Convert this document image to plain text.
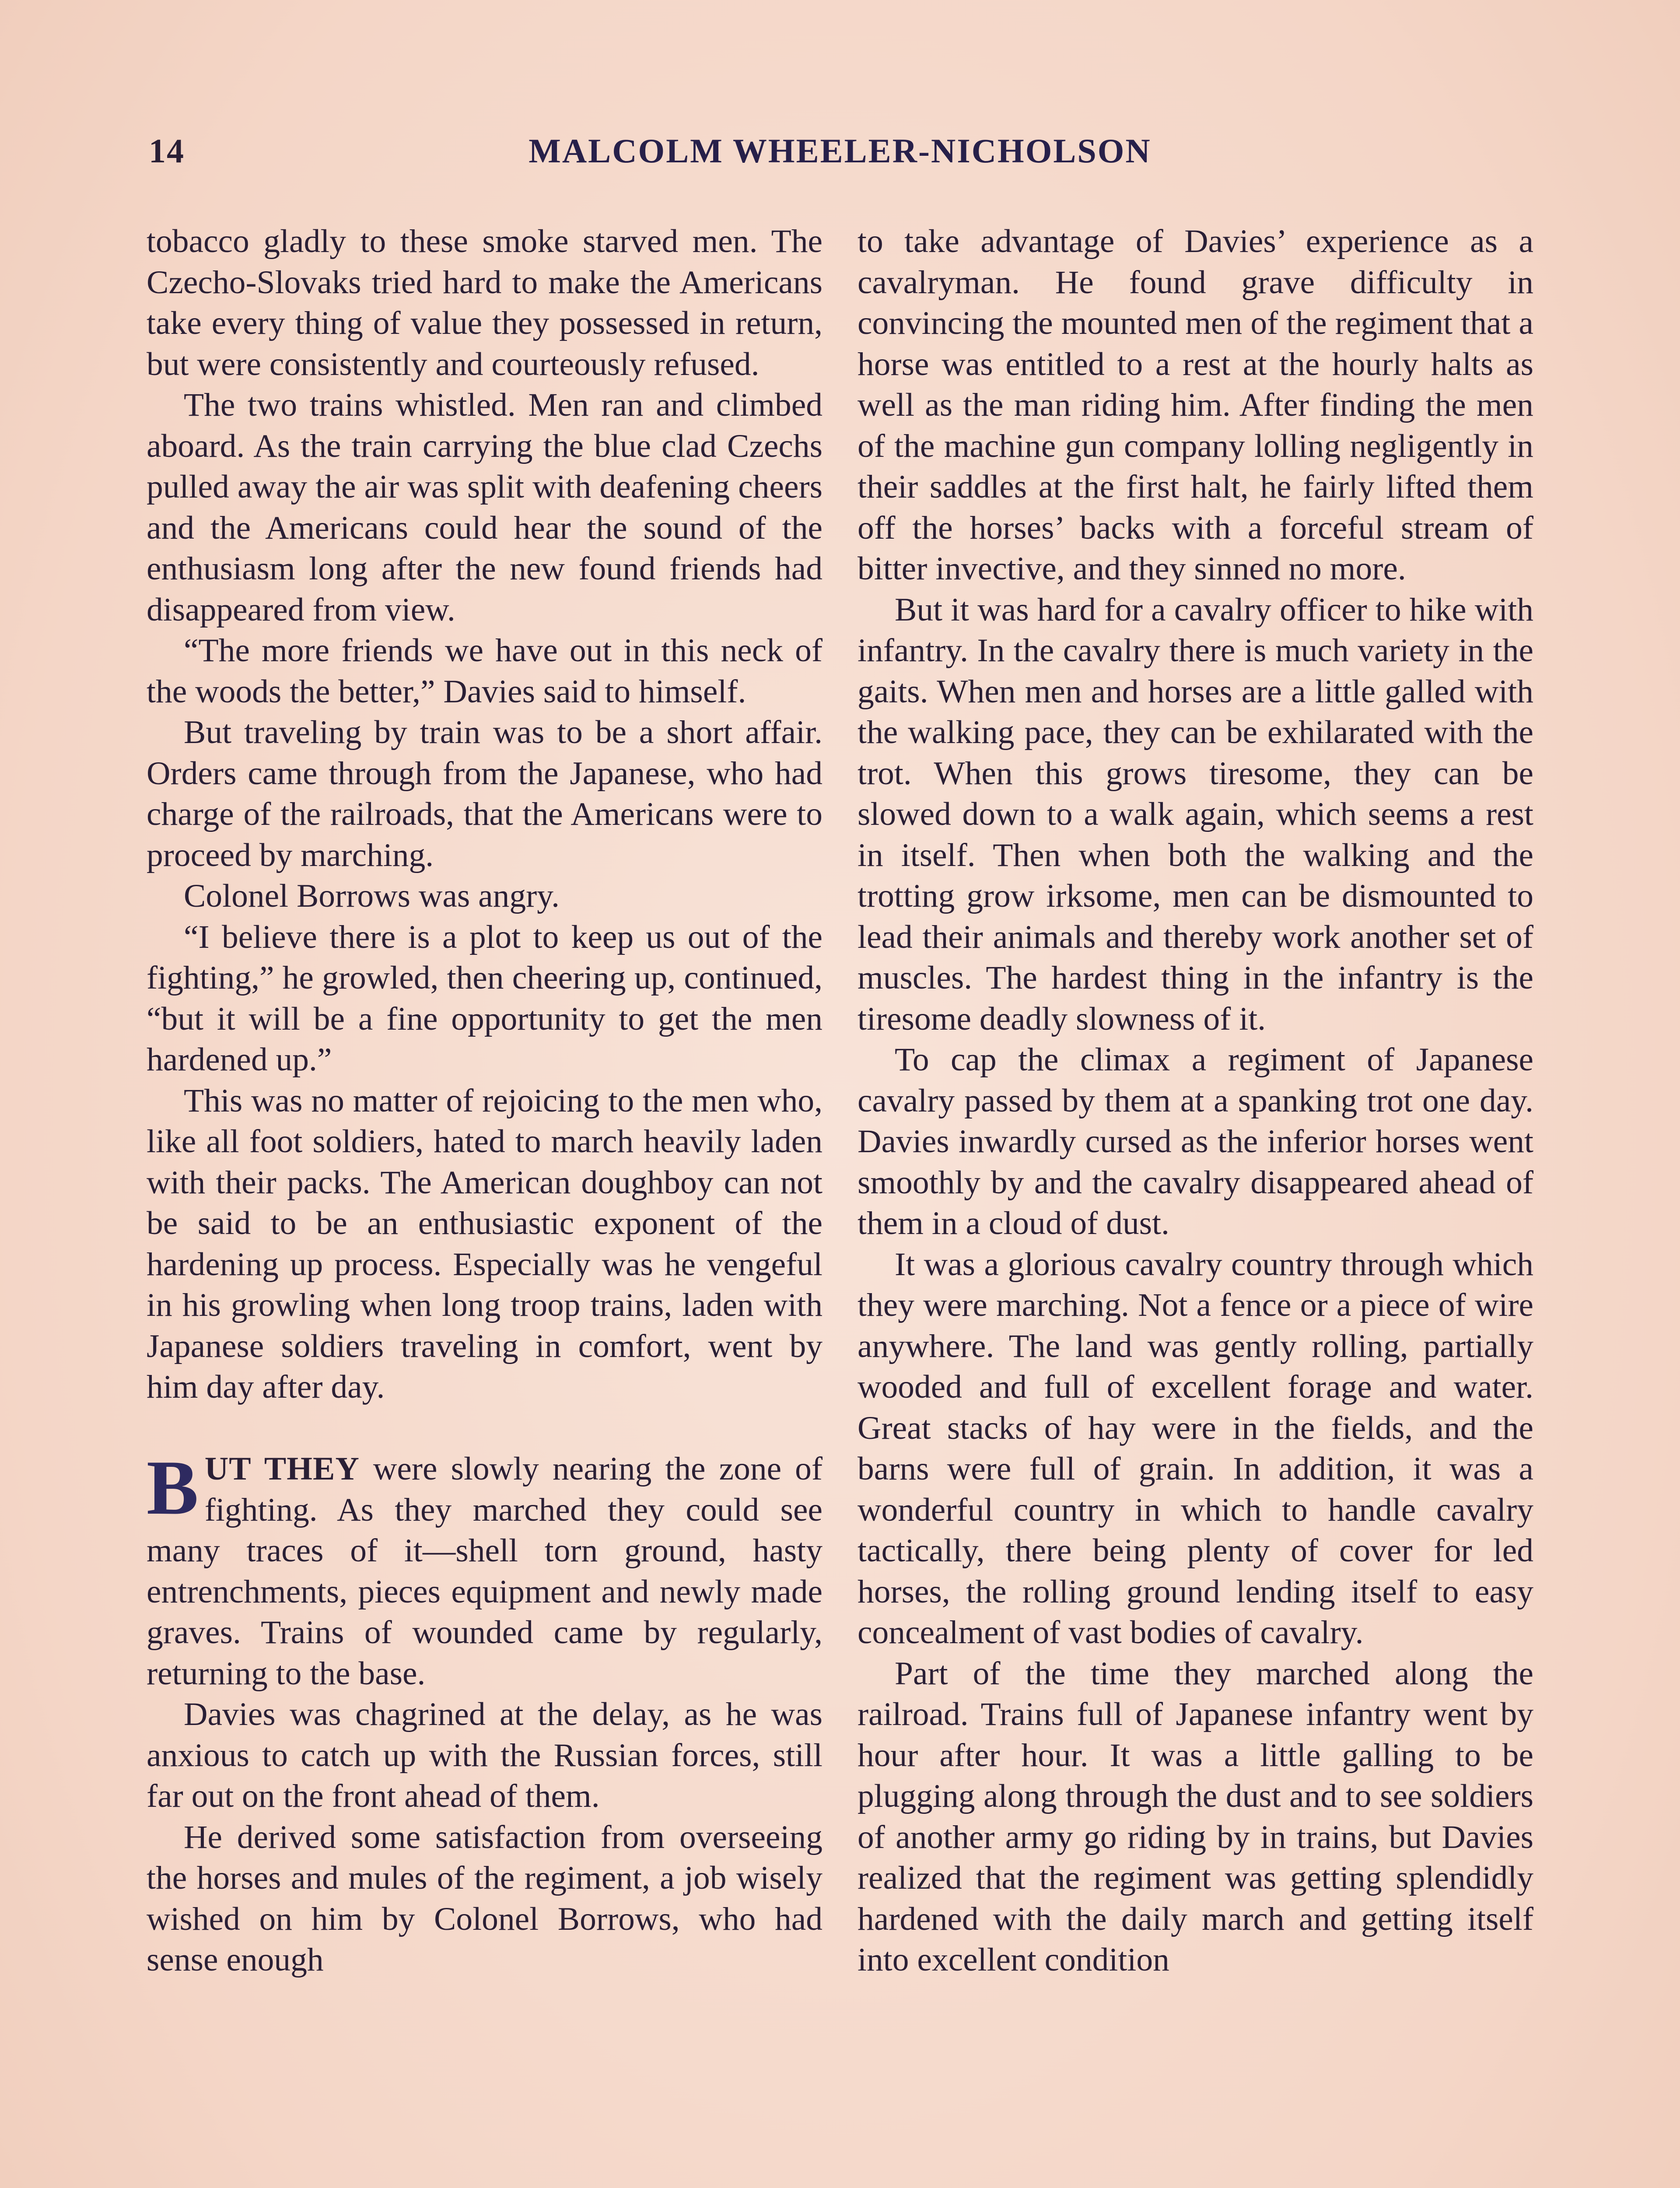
14	MALCOLM WHEELER-NICHOLSON

tobacco gladly to these smoke starved men. The Czecho-Slovaks tried hard to make the Americans take every thing of value they possessed in return, but were consistently and courteously refused.

The two trains whistled. Men ran and climbed aboard. As the train carrying the blue clad Czechs pulled away the air was split with deafening cheers and the Americans could hear the sound of the enthusiasm long after the new found friends had disappeared from view.

“The more friends we have out in this neck of the woods the better,” Davies said to himself.

But traveling by train was to be a short affair. Orders came through from the Japanese, who had charge of the railroads, that the Americans were to proceed by marching.

Colonel Borrows was angry.

“I believe there is a plot to keep us out of the fighting,” he growled, then cheering up, continued, “but it will be a fine opportunity to get the men hardened up.”

This was no matter of rejoicing to the men who, like all foot soldiers, hated to march heavily laden with their packs. The American doughboy can not be said to be an enthusiastic exponent of the hardening up process. Especially was he vengeful in his growling when long troop trains, laden with Japanese soldiers traveling in comfort, went by him day after day.

BUT THEY were slowly nearing the zone of fighting. As they marched they could see many traces of it—shell torn ground, hasty entrenchments, pieces equipment and newly made graves. Trains of wounded came by regularly, returning to the base.

Davies was chagrined at the delay, as he was anxious to catch up with the Russian forces, still far out on the front ahead of them.

He derived some satisfaction from overseeing the horses and mules of the regiment, a job wisely wished on him by Colonel Borrows, who had sense enough

to take advantage of Davies’ experience as a cavalryman. He found grave difficulty in convincing the mounted men of the regiment that a horse was entitled to a rest at the hourly halts as well as the man riding him. After finding the men of the machine gun company lolling negligently in their saddles at the first halt, he fairly lifted them off the horses’ backs with a forceful stream of bitter invective, and they sinned no more.

But it was hard for a cavalry officer to hike with infantry. In the cavalry there is much variety in the gaits. When men and horses are a little galled with the walking pace, they can be exhilarated with the trot. When this grows tiresome, they can be slowed down to a walk again, which seems a rest in itself. Then when both the walking and the trotting grow irksome, men can be dismounted to lead their animals and thereby work another set of muscles. The hardest thing in the infantry is the tiresome deadly slowness of it.

To cap the climax a regiment of Japanese cavalry passed by them at a spanking trot one day. Davies inwardly cursed as the inferior horses went smoothly by and the cavalry disappeared ahead of them in a cloud of dust.

It was a glorious cavalry country through which they were marching. Not a fence or a piece of wire anywhere. The land was gently rolling, partially wooded and full of excellent forage and water. Great stacks of hay were in the fields, and the barns were full of grain. In addition, it was a wonderful country in which to handle cavalry tactically, there being plenty of cover for led horses, the rolling ground lending itself to easy concealment of vast bodies of cavalry.

Part of the time they marched along the railroad. Trains full of Japanese infantry went by hour after hour. It was a little galling to be plugging along through the dust and to see soldiers of another army go riding by in trains, but Davies realized that the regiment was getting splendidly hardened with the daily march and getting itself into excellent condition
